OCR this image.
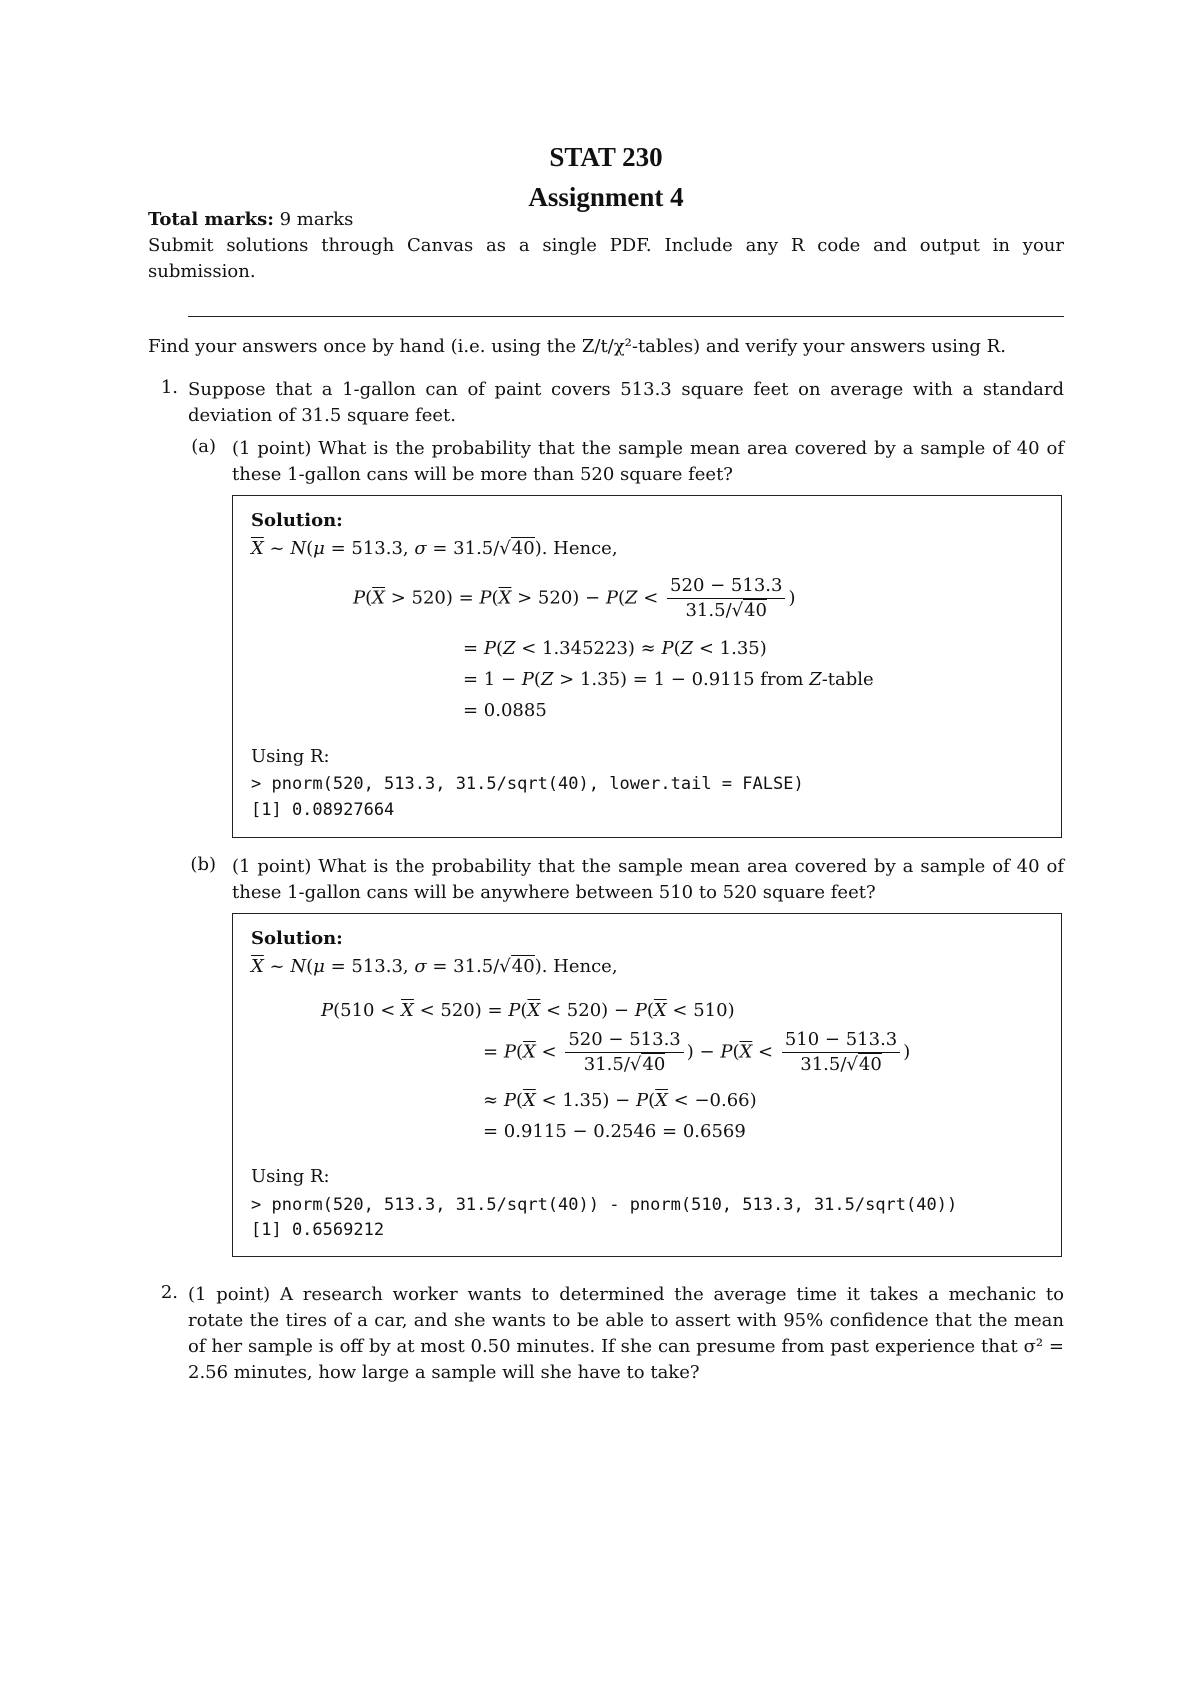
STAT 230
Assignment 4
Total marks: 9 marks
Submit solutions through Canvas as a single PDF. Include any R code and output in your submission.
Find your answers once by hand (i.e. using the Z/t/χ²-tables) and verify your answers using R.
1. Suppose that a 1-gallon can of paint covers 513.3 square feet on average with a standard deviation of 31.5 square feet.
(a) (1 point) What is the probability that the sample mean area covered by a sample of 40 of these 1-gallon cans will be more than 520 square feet?
Solution:
$\overline{X}$ ~ N(μ = 513.3, σ = 31.5/√40). Hence,
$P(\overline{X} > 520) = P(\overline{X} > 520) - P(Z < \frac{520 - 513.3}{31.5/√40}$ )
= P(Z < 1.345223) ≈ P(Z < 1.35)
= 1 − P(Z > 1.35) = 1 − 0.9115 from Z-table
= 0.0885
Using R:
> pnorm(520, 513.3, 31.5/sqrt(40), lower.tail = FALSE)
[1] 0.08927664
(b) (1 point) What is the probability that the sample mean area covered by a sample of 40 of these 1-gallon cans will be anywhere between 510 to 520 square feet?
Solution:
$\overline{X}$ ~ N(μ = 513.3, σ = 31.5/√40). Hence,
$P(510 < \overline{X} < 520) = P(\overline{X} < 520) - P(\overline{X} < 510)$
= $P(\overline{X} < \frac{520 - 513.3}{31.5/√40}$ ) − $P(\overline{X} < \frac{510 - 513.3}{31.5/√40}$ )
≈ $P(\overline{X} < 1.35) - P(\overline{X} < -0.66)$
= 0.9115 − 0.2546 = 0.6569
Using R:
> pnorm(520, 513.3, 31.5/sqrt(40)) - pnorm(510, 513.3, 31.5/sqrt(40))
[1] 0.6569212
2. (1 point) A research worker wants to determined the average time it takes a mechanic to rotate the tires of a car, and she wants to be able to assert with 95% confidence that the mean of her sample is off by at most 0.50 minutes. If she can presume from past experience that σ² = 2.56 minutes, how large a sample will she have to take?
